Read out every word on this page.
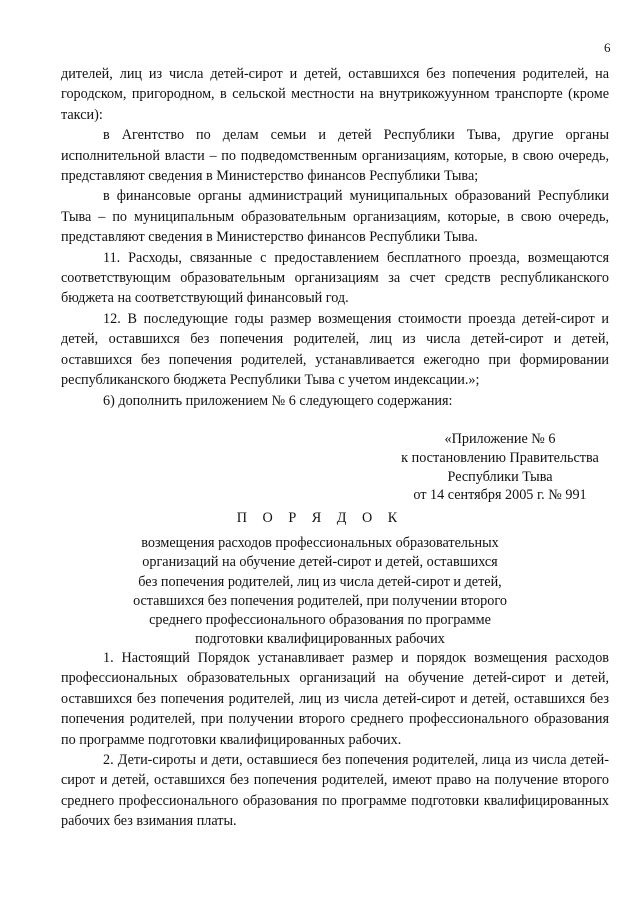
6

дителей, лиц из числа детей-сирот и детей, оставшихся без попечения родителей, на городском, пригородном, в сельской местности на внутрикожуунном транспорте (кроме такси):

в Агентство по делам семьи и детей Республики Тыва, другие органы исполнительной власти – по подведомственным организациям, которые, в свою очередь, представляют сведения в Министерство финансов Республики Тыва;

в финансовые органы администраций муниципальных образований Республики Тыва – по муниципальным образовательным организациям, которые, в свою очередь, представляют сведения в Министерство финансов Республики Тыва.

11. Расходы, связанные с предоставлением бесплатного проезда, возмещаются соответствующим образовательным организациям за счет средств республиканского бюджета на соответствующий финансовый год.

12. В последующие годы размер возмещения стоимости проезда детей-сирот и детей, оставшихся без попечения родителей, лиц из числа детей-сирот и детей, оставшихся без попечения родителей, устанавливается ежегодно при формировании республиканского бюджета Республики Тыва с учетом индексации.»;

6) дополнить приложением № 6 следующего содержания:

«Приложение № 6
к постановлению Правительства
Республики Тыва
от 14 сентября 2005 г. № 991
П О Р Я Д О К
возмещения расходов профессиональных образовательных
организаций на обучение детей-сирот и детей, оставшихся
без попечения родителей, лиц из числа детей-сирот и детей,
оставшихся без попечения родителей, при получении второго
среднего профессионального образования по программе
подготовки квалифицированных рабочих

1. Настоящий Порядок устанавливает размер и порядок возмещения расходов профессиональных образовательных организаций на обучение детей-сирот и детей, оставшихся без попечения родителей, лиц из числа детей-сирот и детей, оставшихся без попечения родителей, при получении второго среднего профессионального образования по программе подготовки квалифицированных рабочих.

2. Дети-сироты и дети, оставшиеся без попечения родителей, лица из числа детей-сирот и детей, оставшихся без попечения родителей, имеют право на получение второго среднего профессионального образования по программе подготовки квалифицированных рабочих без взимания платы.
